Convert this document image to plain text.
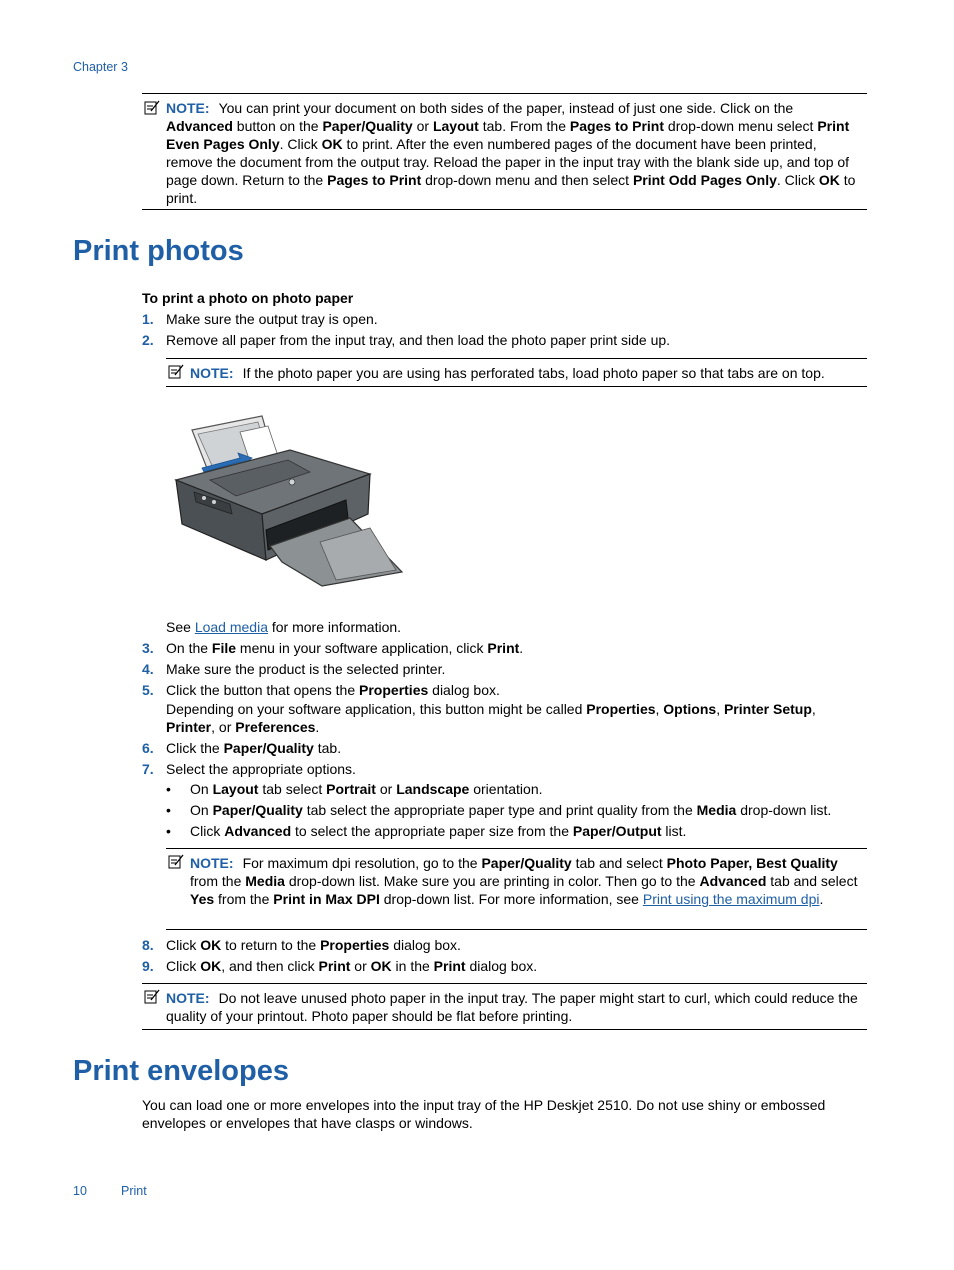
Chapter 3
NOTE: You can print your document on both sides of the paper, instead of just one side. Click on the Advanced button on the Paper/Quality or Layout tab. From the Pages to Print drop-down menu select Print Even Pages Only. Click OK to print. After the even numbered pages of the document have been printed, remove the document from the output tray. Reload the paper in the input tray with the blank side up, and top of page down. Return to the Pages to Print drop-down menu and then select Print Odd Pages Only. Click OK to print.
Print photos
To print a photo on photo paper
1. Make sure the output tray is open.
2. Remove all paper from the input tray, and then load the photo paper print side up.
NOTE: If the photo paper you are using has perforated tabs, load photo paper so that tabs are on top.
See Load media for more information.
3. On the File menu in your software application, click Print.
4. Make sure the product is the selected printer.
5. Click the button that opens the Properties dialog box.
Depending on your software application, this button might be called Properties, Options, Printer Setup, Printer, or Preferences.
6. Click the Paper/Quality tab.
7. Select the appropriate options.
• On Layout tab select Portrait or Landscape orientation.
• On Paper/Quality tab select the appropriate paper type and print quality from the Media drop-down list.
• Click Advanced to select the appropriate paper size from the Paper/Output list.
NOTE: For maximum dpi resolution, go to the Paper/Quality tab and select Photo Paper, Best Quality from the Media drop-down list. Make sure you are printing in color. Then go to the Advanced tab and select Yes from the Print in Max DPI drop-down list. For more information, see Print using the maximum dpi.
8. Click OK to return to the Properties dialog box.
9. Click OK, and then click Print or OK in the Print dialog box.
NOTE: Do not leave unused photo paper in the input tray. The paper might start to curl, which could reduce the quality of your printout. Photo paper should be flat before printing.
Print envelopes
You can load one or more envelopes into the input tray of the HP Deskjet 2510. Do not use shiny or embossed envelopes or envelopes that have clasps or windows.
10	Print
